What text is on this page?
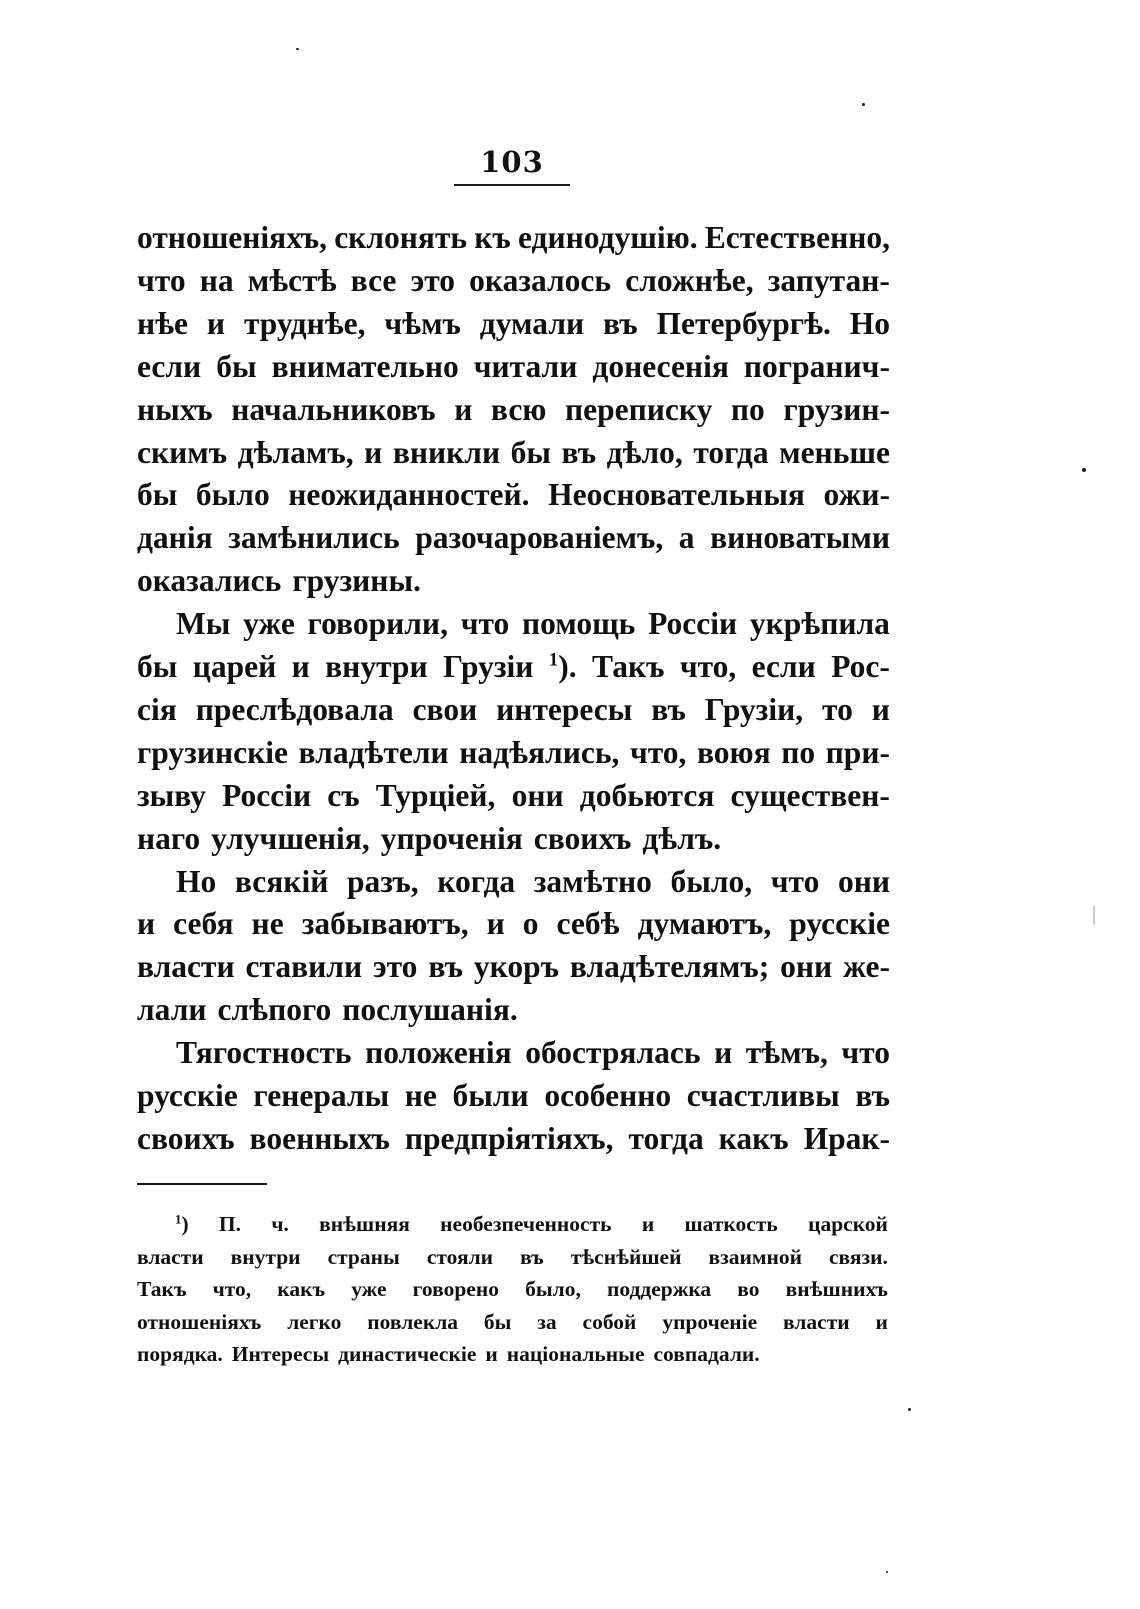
103
отношеніяхъ, склонять къ единодушію. Естественно,
что на мѣстѣ все это оказалось сложнѣе, запутан-
нѣе и труднѣе, чѣмъ думали въ Петербургѣ. Но
если бы внимательно читали донесенія погранич-
ныхъ начальниковъ и всю переписку по грузин-
скимъ дѣламъ, и вникли бы въ дѣло, тогда меньше
бы было неожиданностей. Неосновательныя ожи-
данія замѣнились разочарованіемъ, а виноватыми
оказались грузины.
Мы уже говорили, что помощь Россіи укрѣпила
бы царей и внутри Грузіи $^1$). Такъ что, если Рос-
сія преслѣдовала свои интересы въ Грузіи, то и
грузинскіе владѣтели надѣялись, что, воюя по при-
зыву Россіи съ Турціей, они добьются существен-
наго улучшенія, упроченія своихъ дѣлъ.
Но всякій разъ, когда замѣтно было, что они
и себя не забываютъ, и о себѣ думаютъ, русскіе
власти ставили это въ укоръ владѣтелямъ; они же-
лали слѣпого послушанія.
Тягостность положенія обострялась и тѣмъ, что
русскіе генералы не были особенно счастливы въ
своихъ военныхъ предпріятіяхъ, тогда какъ Ирак-
$^1$) П. ч. внѣшняя необезпеченность и шаткость царской
власти внутри страны стояли въ тѣснѣйшей взаимной связи.
Такъ что, какъ уже говорено было, поддержка во внѣшнихъ
отношеніяхъ легко повлекла бы за собой упроченіе власти и
порядка. Интересы династическіе и національные совпадали.
